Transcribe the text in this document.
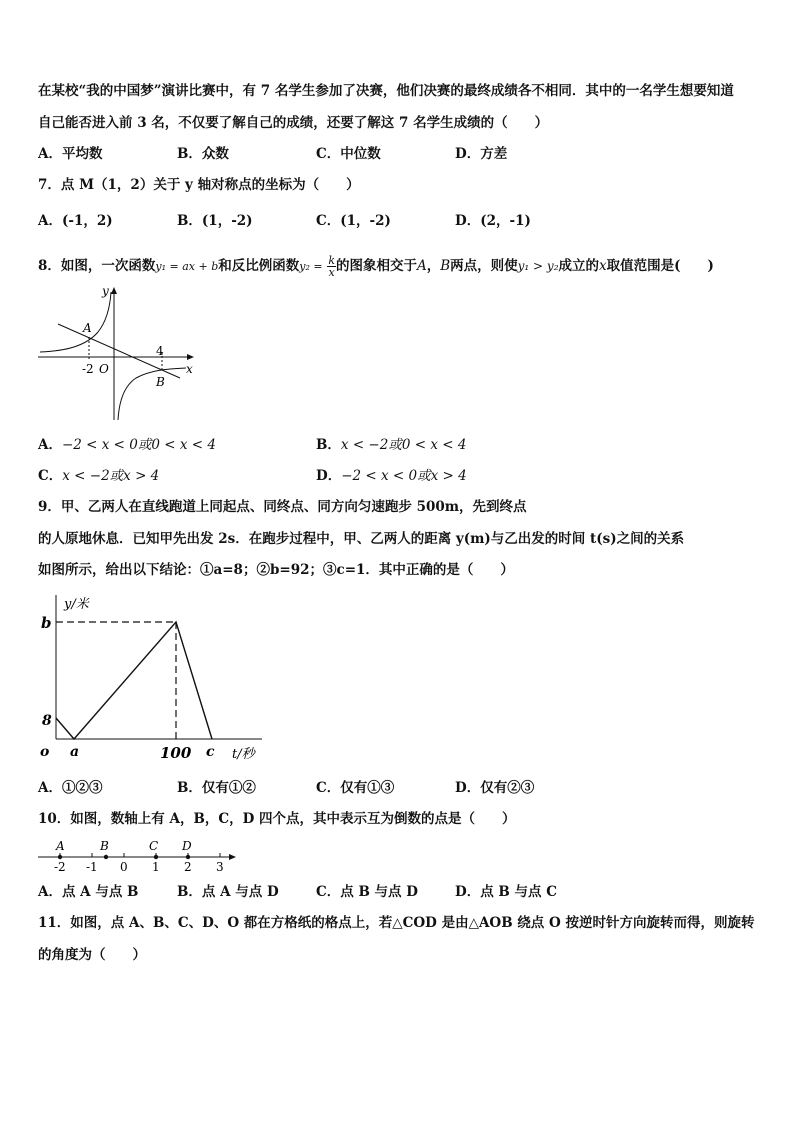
在某校“我的中国梦”演讲比赛中，有 7 名学生参加了决赛，他们决赛的最终成绩各不相同．其中的一名学生想要知道
自己能否进入前 3 名，不仅要了解自己的成绩，还要了解这 7 名学生成绩的（　　）
A．平均数	B．众数	C．中位数	D．方差
7．点 M（1，2）关于 y 轴对称点的坐标为（　　）
A．(-1，2)	B．(1，-2)	C．(1，-2)	D．(2，-1)
8．如图，一次函数y₁ = ax + b和反比例函数$y_2 = \frac{k}{x}$ 的图象相交于A，B两点，则使y₁ > y₂成立的x取值范围是(　　)
y
x
O
-2
4
A
B
A．−2 < x < 0或0 < x < 4	B．x < −2或0 < x < 4
C．x < −2或x > 4	D．−2 < x < 0或x > 4
9．甲、乙两人在直线跑道上同起点、同终点、同方向匀速跑步 500m，先到终点
的人原地休息．已知甲先出发 2s．在跑步过程中，甲、乙两人的距离 y(m)与乙出发的时间 t(s)之间的关系
如图所示，给出以下结论：①a=8；②b=92；③c=1．其中正确的是（　　）
y/米
b
8
o a	100 c t/秒
A．①②③	B．仅有①②	C．仅有①③	D．仅有②③
10．如图，数轴上有 A，B，C，D 四个点，其中表示互为倒数的点是（　　）
A	B	C D
-2 -1 0 1 2 3
A．点 A 与点 B	B．点 A 与点 D	C．点 B 与点 D	D．点 B 与点 C
11．如图，点 A、B、C、D、O 都在方格纸的格点上，若△COD 是由△AOB 绕点 O 按逆时针方向旋转而得，则旋转
的角度为（　　）
